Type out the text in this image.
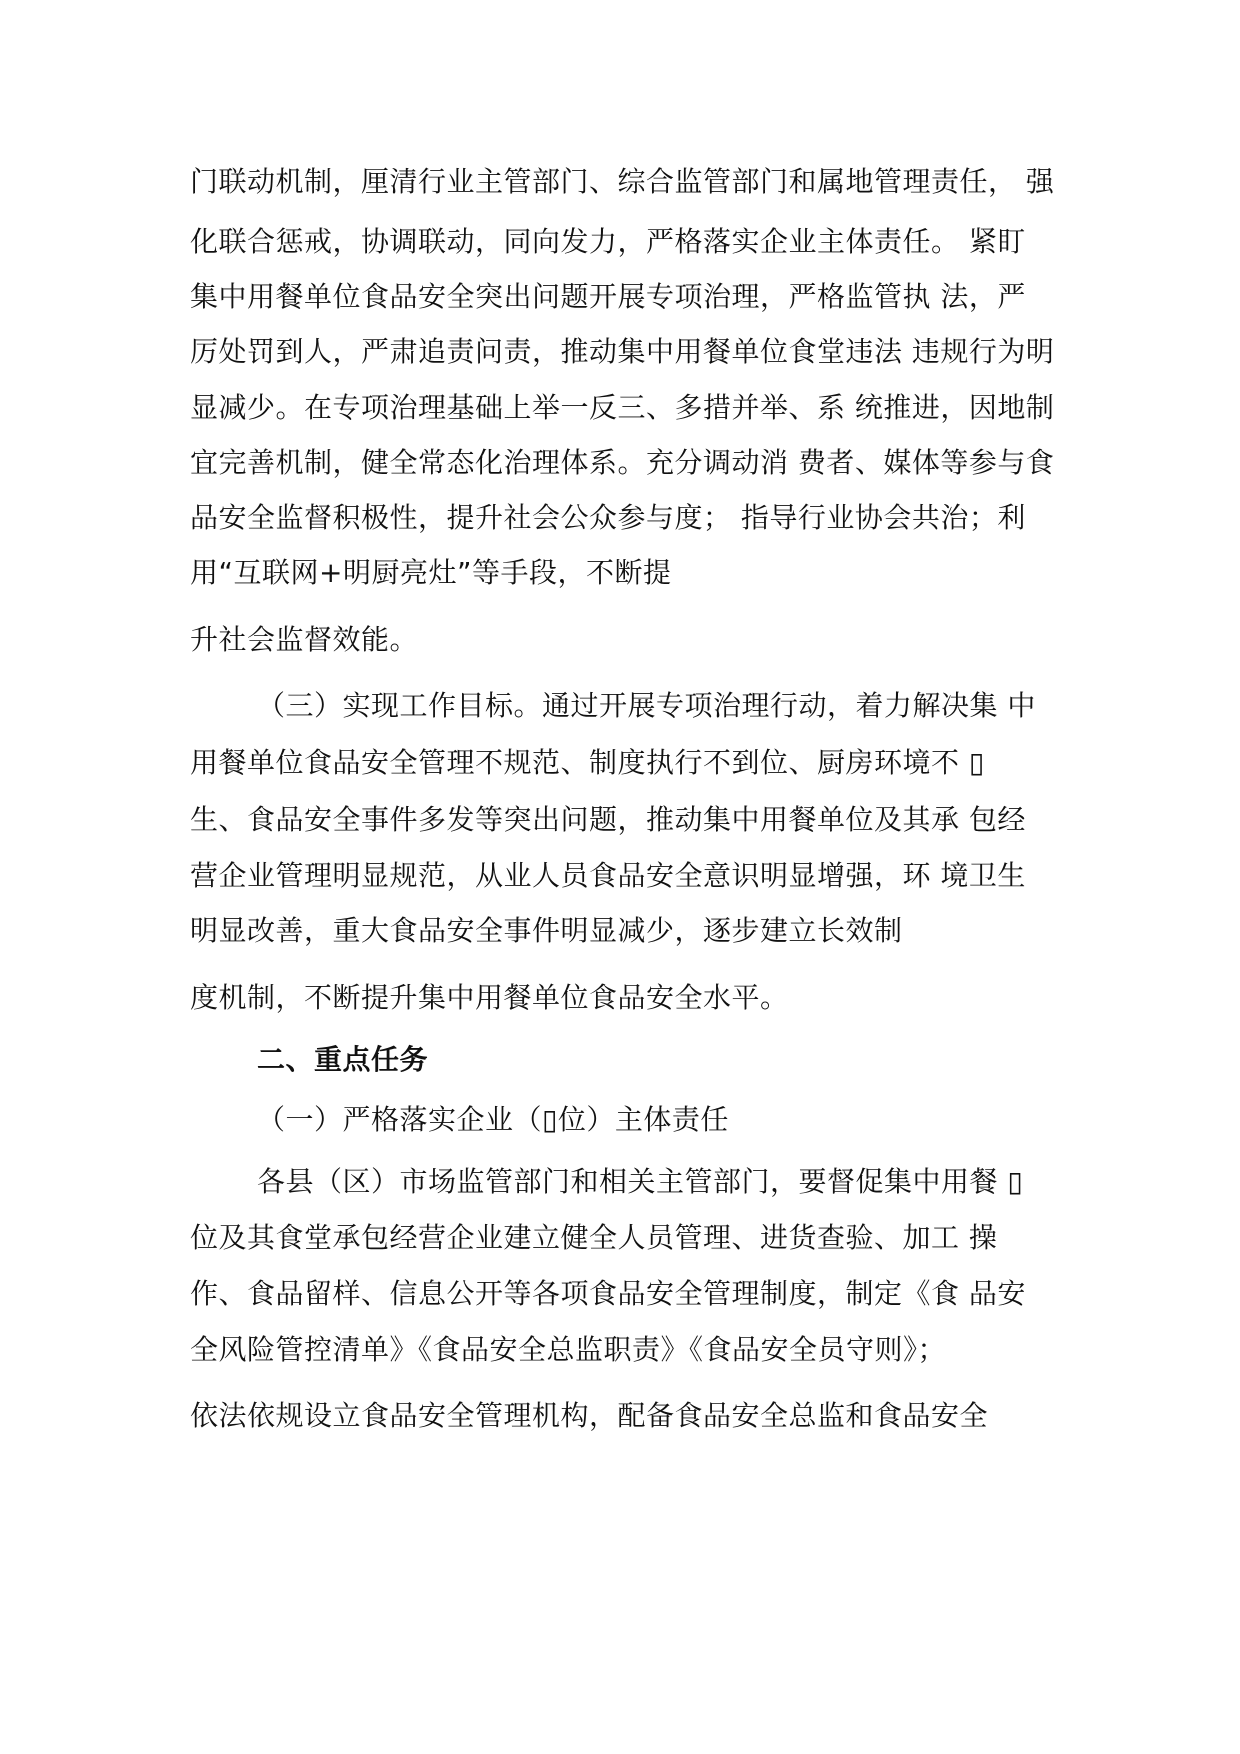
门联动机制，厘清行业主管部门、综合监管部门和属地管理责任， 强
化联合惩戒，协调联动，同向发力，严格落实企业主体责任。 紧盯
集中用餐单位食品安全突出问题开展专项治理，严格监管执 法，严
厉处罚到人，严肃追责问责，推动集中用餐单位食堂违法 违规行为明
显减少。在专项治理基础上举一反三、多措并举、系 统推进，因地制
宜完善机制，健全常态化治理体系。充分调动消 费者、媒体等参与食
品安全监督积极性，提升社会公众参与度； 指导行业协会共治；利
用“互联网+明厨亮灶”等手段，不断提
升社会监督效能。
（三）实现工作目标。通过开展专项治理行动，着力解决集 中
用餐单位食品安全管理不规范、制度执行不到位、厨房环境不 ▯
生、食品安全事件多发等突出问题，推动集中用餐单位及其承 包经
营企业管理明显规范，从业人员食品安全意识明显增强，环 境卫生
明显改善，重大食品安全事件明显减少，逐步建立长效制
度机制，不断提升集中用餐单位食品安全水平。
二、重点任务
（一）严格落实企业（▯位）主体责任
各县（区）市场监管部门和相关主管部门，要督促集中用餐 ▯
位及其食堂承包经营企业建立健全人员管理、进货查验、加工 操
作、食品留样、信息公开等各项食品安全管理制度，制定《食 品安
全风险管控清单》《食品安全总监职责》《食品安全员守则》；
依法依规设立食品安全管理机构，配备食品安全总监和食品安全
